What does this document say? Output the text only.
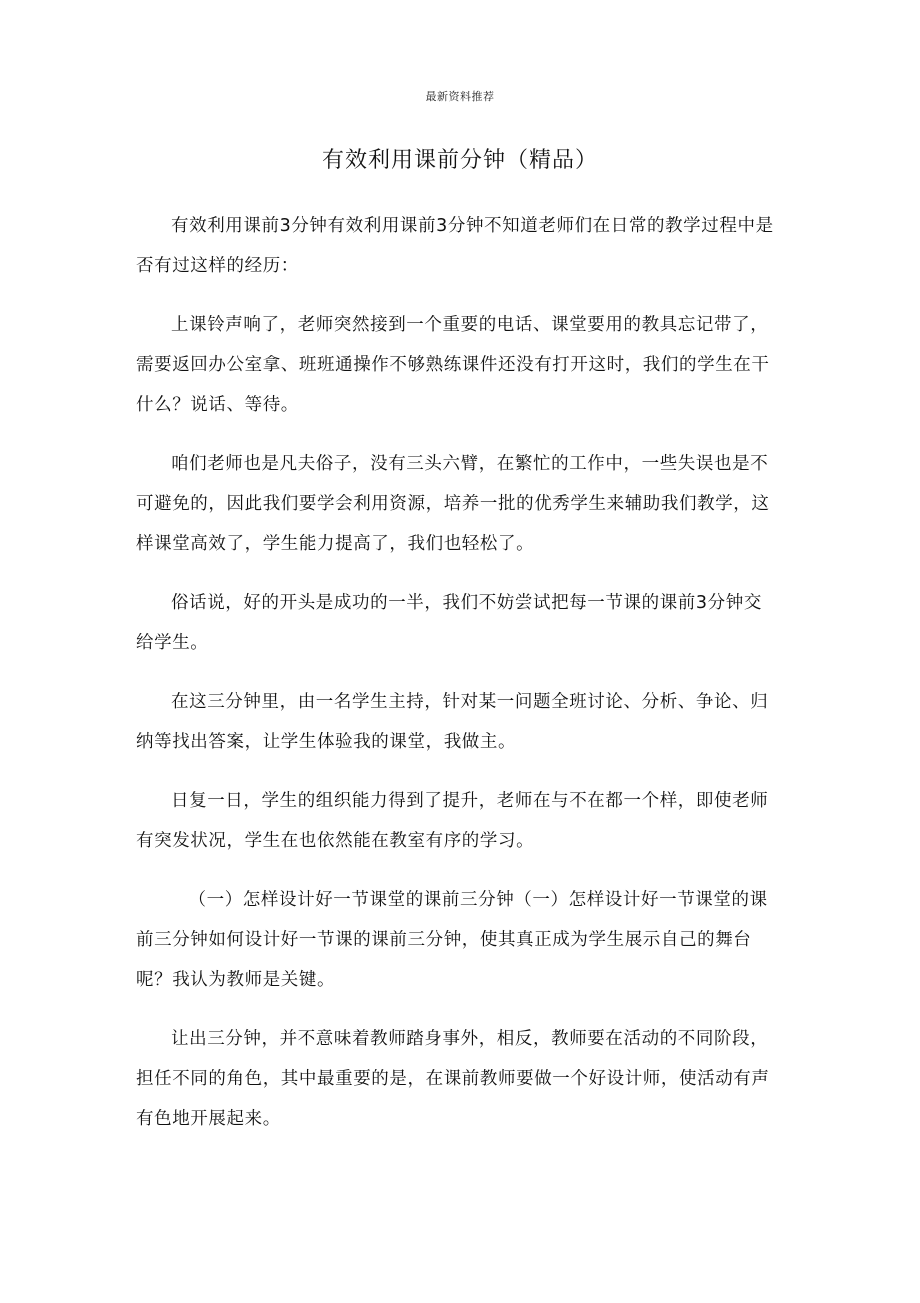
最新资料推荐
有效利用课前分钟（精品）

有效利用课前3分钟有效利用课前3分钟不知道老师们在日常的教学过程中是否有过这样的经历：

上课铃声响了，老师突然接到一个重要的电话、课堂要用的教具忘记带了，需要返回办公室拿、班班通操作不够熟练课件还没有打开这时，我们的学生在干什么？说话、等待。

咱们老师也是凡夫俗子，没有三头六臂，在繁忙的工作中，一些失误也是不可避免的，因此我们要学会利用资源，培养一批的优秀学生来辅助我们教学，这样课堂高效了，学生能力提高了，我们也轻松了。

俗话说，好的开头是成功的一半，我们不妨尝试把每一节课的课前3分钟交给学生。

在这三分钟里，由一名学生主持，针对某一问题全班讨论、分析、争论、归纳等找出答案，让学生体验我的课堂，我做主。

日复一日，学生的组织能力得到了提升，老师在与不在都一个样，即使老师有突发状况，学生在也依然能在教室有序的学习。

（一）怎样设计好一节课堂的课前三分钟（一）怎样设计好一节课堂的课前三分钟如何设计好一节课的课前三分钟，使其真正成为学生展示自己的舞台呢？我认为教师是关键。

让出三分钟，并不意味着教师踏身事外，相反，教师要在活动的不同阶段，担任不同的角色，其中最重要的是，在课前教师要做一个好设计师，使活动有声有色地开展起来。
